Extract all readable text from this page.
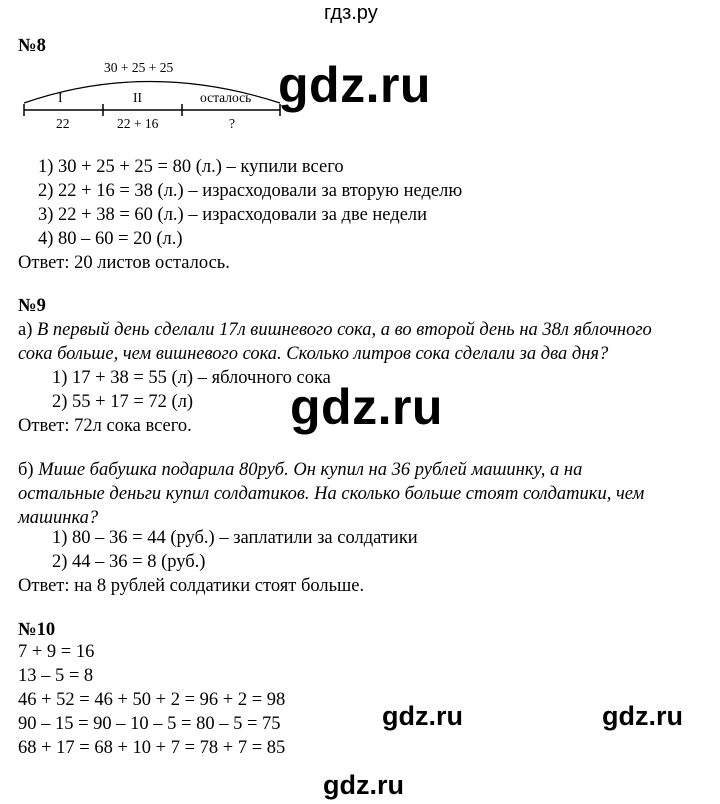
гдз.ру
№8
30 + 25 + 25
I	II	осталось
22	22 + 16	?
gdz.ru
1) 30 + 25 + 25 = 80 (л.) – купили всего
2) 22 + 16 = 38 (л.) – израсходовали за вторую неделю
3) 22 + 38 = 60 (л.) – израсходовали за две недели
4) 80 – 60 = 20 (л.)
Ответ: 20 листов осталось.
№9
а) В первый день сделали 17л вишневого сока, а во второй день на 38л яблочного
сока больше, чем вишневого сока. Сколько литров сока сделали за два дня?
1) 17 + 38 = 55 (л) – яблочного сока
2) 55 + 17 = 72 (л)
Ответ: 72л сока всего. gdz.ru
б) Мише бабушка подарила 80руб. Он купил на 36 рублей машинку, а на
остальные деньги купил солдатиков. На сколько больше стоят солдатики, чем
машинка?
1) 80 – 36 = 44 (руб.) – заплатили за солдатики
2) 44 – 36 = 8 (руб.)
Ответ: на 8 рублей солдатики стоят больше.
№10
7 + 9 = 16
13 – 5 = 8
46 + 52 = 46 + 50 + 2 = 96 + 2 = 98
90 – 15 = 90 – 10 – 5 = 80 – 5 = 75
68 + 17 = 68 + 10 + 7 = 78 + 7 = 85
gdz.ru	gdz.ru
gdz.ru
